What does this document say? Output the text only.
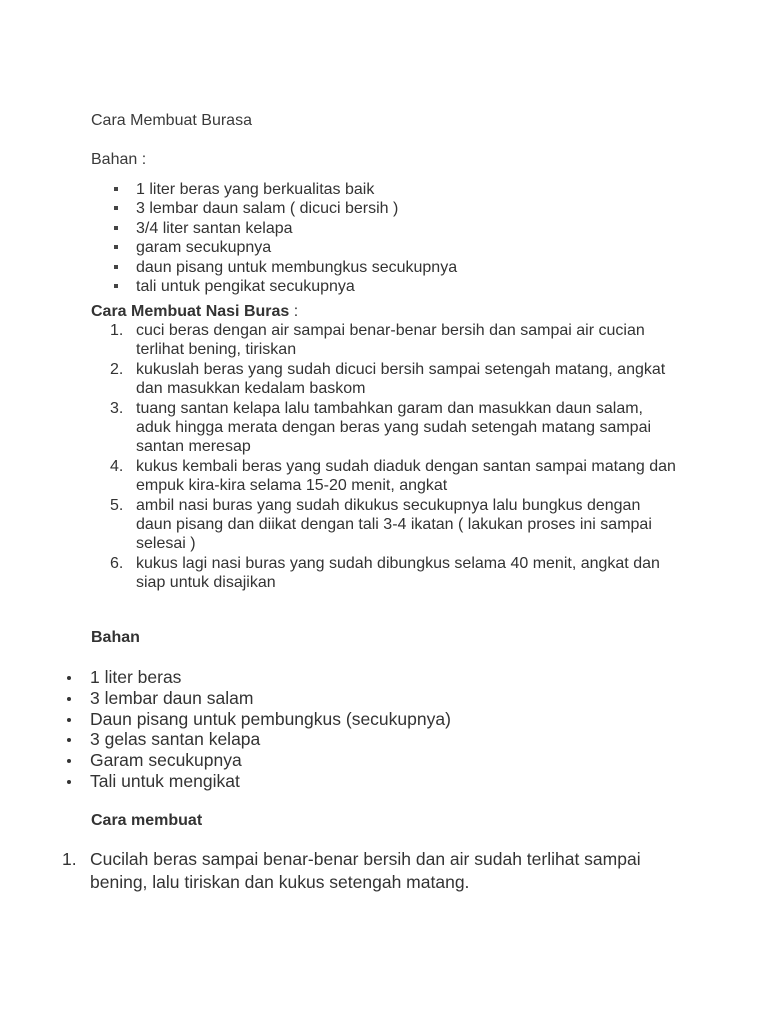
Cara Membuat Burasa

Bahan :

1 liter beras yang berkualitas baik
3 lembar daun salam ( dicuci bersih )
3/4 liter santan kelapa
garam secukupnya
daun pisang untuk membungkus secukupnya
tali untuk pengikat secukupnya

Cara Membuat Nasi Buras :

1. cuci beras dengan air sampai benar-benar bersih dan sampai air cucian terlihat bening, tiriskan
2. kukuslah beras yang sudah dicuci bersih sampai setengah matang, angkat dan masukkan kedalam baskom
3. tuang santan kelapa lalu tambahkan garam dan masukkan daun salam, aduk hingga merata dengan beras yang sudah setengah matang sampai santan meresap
4. kukus kembali beras yang sudah diaduk dengan santan sampai matang dan empuk kira-kira selama 15-20 menit, angkat
5. ambil nasi buras yang sudah dikukus secukupnya lalu bungkus dengan daun pisang dan diikat dengan tali 3-4 ikatan ( lakukan proses ini sampai selesai )
6. kukus lagi nasi buras yang sudah dibungkus selama 40 menit, angkat dan siap untuk disajikan

Bahan

1 liter beras
3 lembar daun salam
Daun pisang untuk pembungkus (secukupnya)
3 gelas santan kelapa
Garam secukupnya
Tali untuk mengikat

Cara membuat

1. Cucilah beras sampai benar-benar bersih dan air sudah terlihat sampai bening, lalu tiriskan dan kukus setengah matang.
